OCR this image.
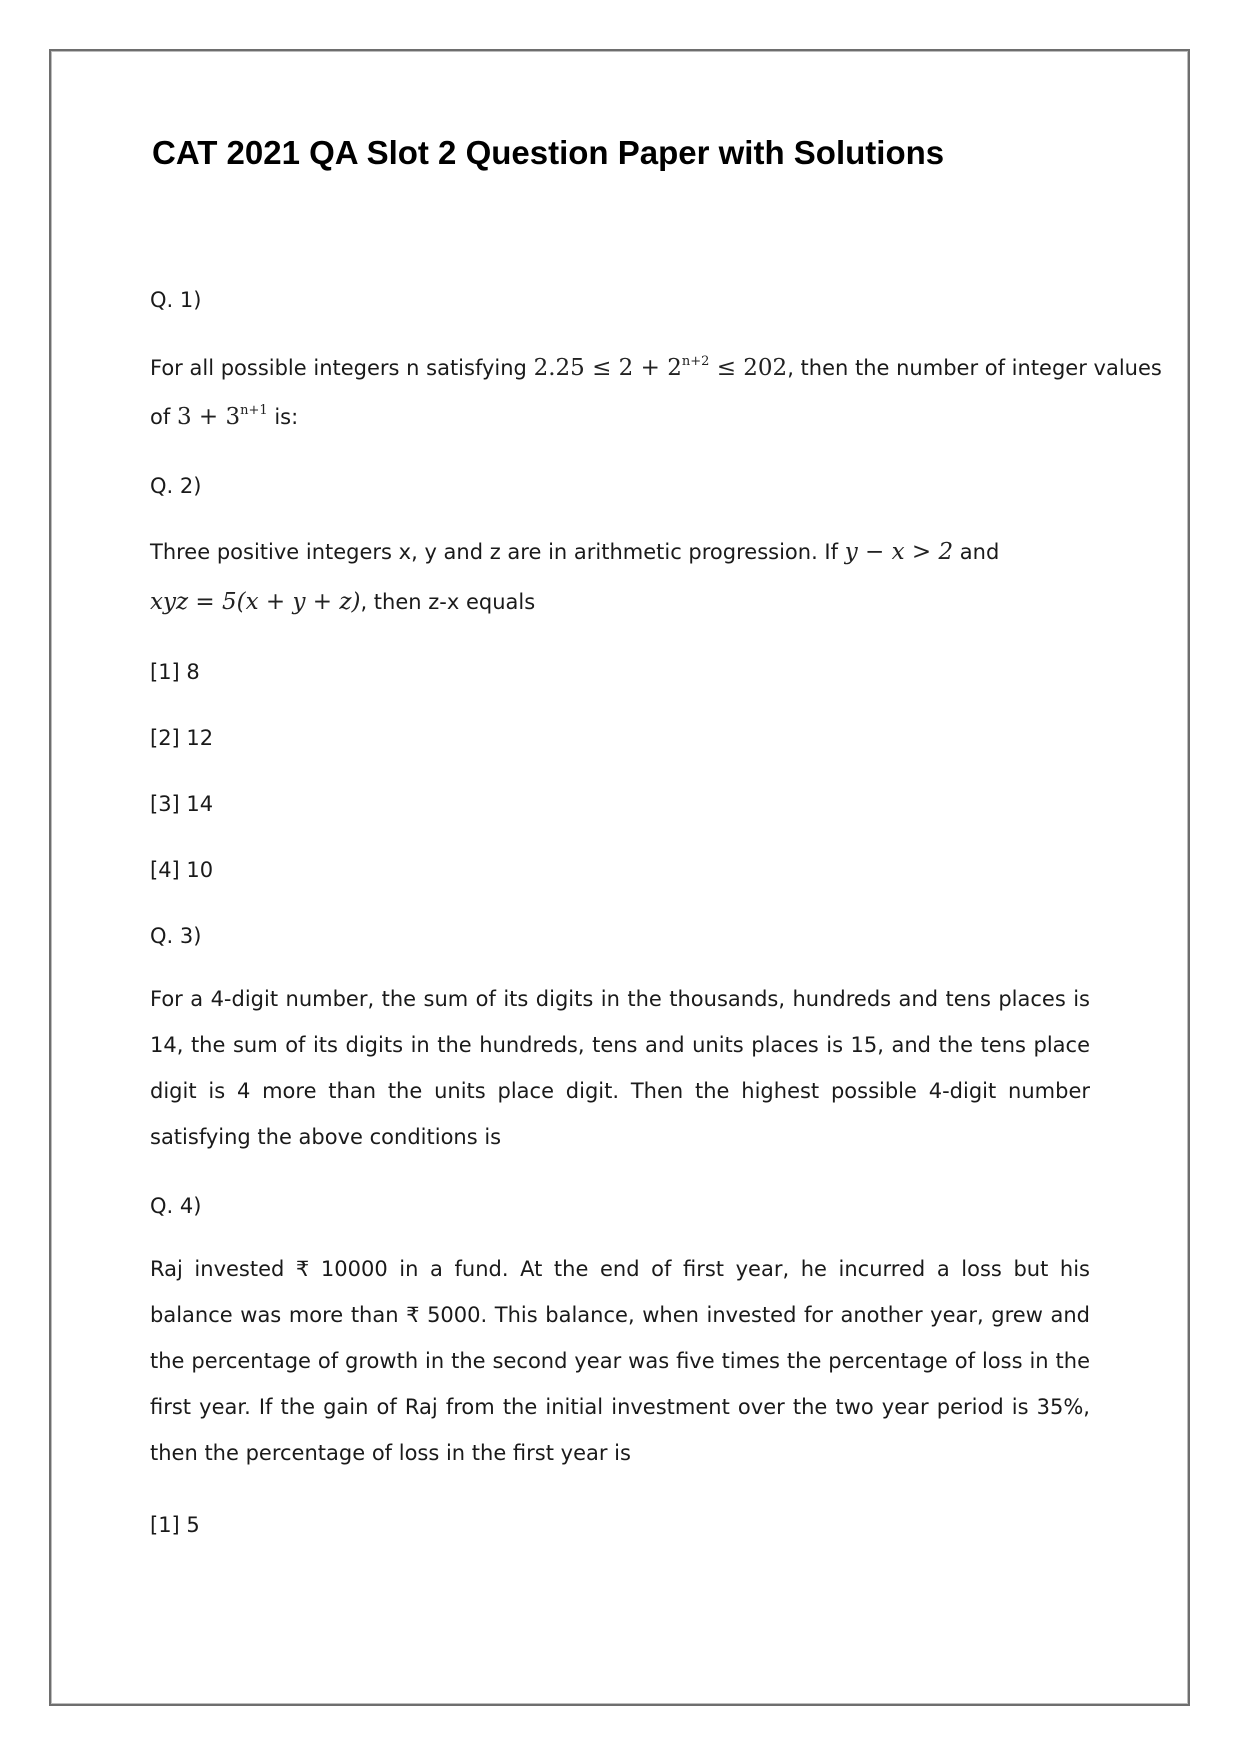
CAT 2021 QA Slot 2 Question Paper with Solutions
Q. 1)
For all possible integers n satisfying $2.25 \le 2 + 2^{n+2} \le 202$, then the number of integer values
of $3 + 3^{n+1}$ is:
Q. 2)
Three positive integers x, y and z are in arithmetic progression. If y − x > 2 and
xyz = 5(x + y + z), then z-x equals
[1] 8
[2] 12
[3] 14
[4] 10
Q. 3)
For a 4-digit number, the sum of its digits in the thousands, hundreds and tens places is 14, the sum of its digits in the hundreds, tens and units places is 15, and the tens place digit is 4 more than the units place digit. Then the highest possible 4-digit number satisfying the above conditions is
Q. 4)
Raj invested ₹ 10000 in a fund. At the end of first year, he incurred a loss but his balance was more than ₹ 5000. This balance, when invested for another year, grew and the percentage of growth in the second year was five times the percentage of loss in the first year. If the gain of Raj from the initial investment over the two year period is 35%, then the percentage of loss in the first year is
[1] 5
